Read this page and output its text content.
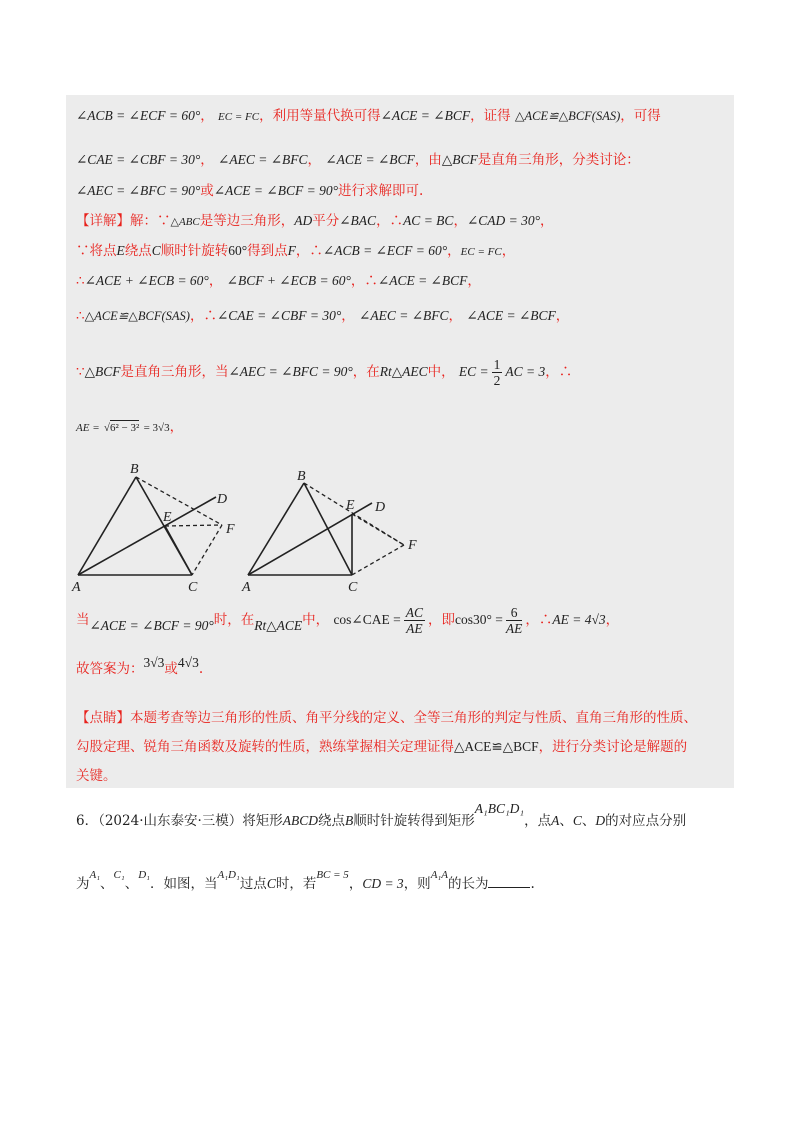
∠ACB = ∠ECF = 60°， EC = FC，利用等量代换可得∠ACE = ∠BCF，证得 △ACE≌△BCF(SAS)，可得
∠CAE = ∠CBF = 30°， ∠AEC = ∠BFC， ∠ACE = ∠BCF，由△BCF是直角三角形，分类讨论：
∠AEC = ∠BFC = 90°或∠ACE = ∠BCF = 90°进行求解即可.
【详解】解：∵△ABC是等边三角形，AD平分∠BAC，∴AC = BC，∠CAD = 30°，
∵将点E绕点C顺时针旋转60°得到点F，∴∠ACB = ∠ECF = 60°，EC = FC，
∴∠ACE + ∠ECB = 60°， ∠BCF + ∠ECB = 60°，∴∠ACE = ∠BCF，
∴△ACE≌△BCF(SAS)，∴∠CAE = ∠CBF = 30°， ∠AEC = ∠BFC， ∠ACE = ∠BCF，
∵△BCF是直角三角形，当∠AEC = ∠BFC = 90°，在Rt△AEC中， EC = $\frac{1}{2}$ AC = 3，∴
AE = √6² − 3² = 3√3，
B
D
E
F
A	C
B
D
E
F
A	C
当∠ACE = ∠BCF = 90°时，在Rt△ACE中， cos∠CAE = $\frac{AC}{AE}$ ，即$\cos 30^\circ = \frac{6}{AE}$ ，∴AE = 4√3，
故答案为：3√3或4√3.
【点睛】本题考查等边三角形的性质、角平分线的定义、全等三角形的判定与性质、直角三角形的性质、
勾股定理、锐角三角函数及旋转的性质，熟练掌握相关定理证得△ACE≌△BCF，进行分类讨论是解题的
关键。
6．（2024·山东泰安·三模）将矩形ABCD绕点B顺时针旋转得到矩形A₁BC₁D₁，点A、C、D的对应点分别
为$^{A_1}$、$^{C_1}$、$^{D_1}$．如图，当$^{A_1D_1}$过点C时，若$^{BC = 5}$，CD = 3，则$^{A_1A}$的长为	.
